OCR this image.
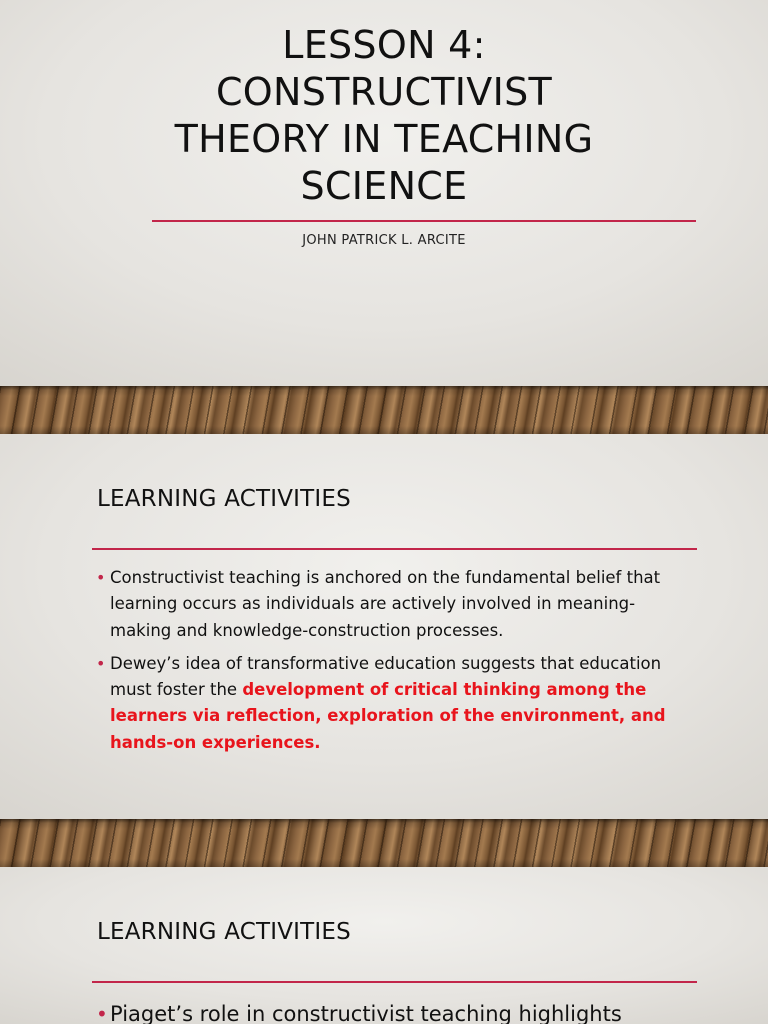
LESSON 4:
CONSTRUCTIVIST
THEORY IN TEACHING
SCIENCE
JOHN PATRICK L. ARCITE
LEARNING ACTIVITIES
• Constructivist teaching is anchored on the fundamental belief that learning occurs as individuals are actively involved in meaning-making and knowledge-construction processes.
• Dewey’s idea of transformative education suggests that education must foster the development of critical thinking among the learners via reflection, exploration of the environment, and hands-on experiences.
LEARNING ACTIVITIES
• Piaget’s role in constructivist teaching highlights
